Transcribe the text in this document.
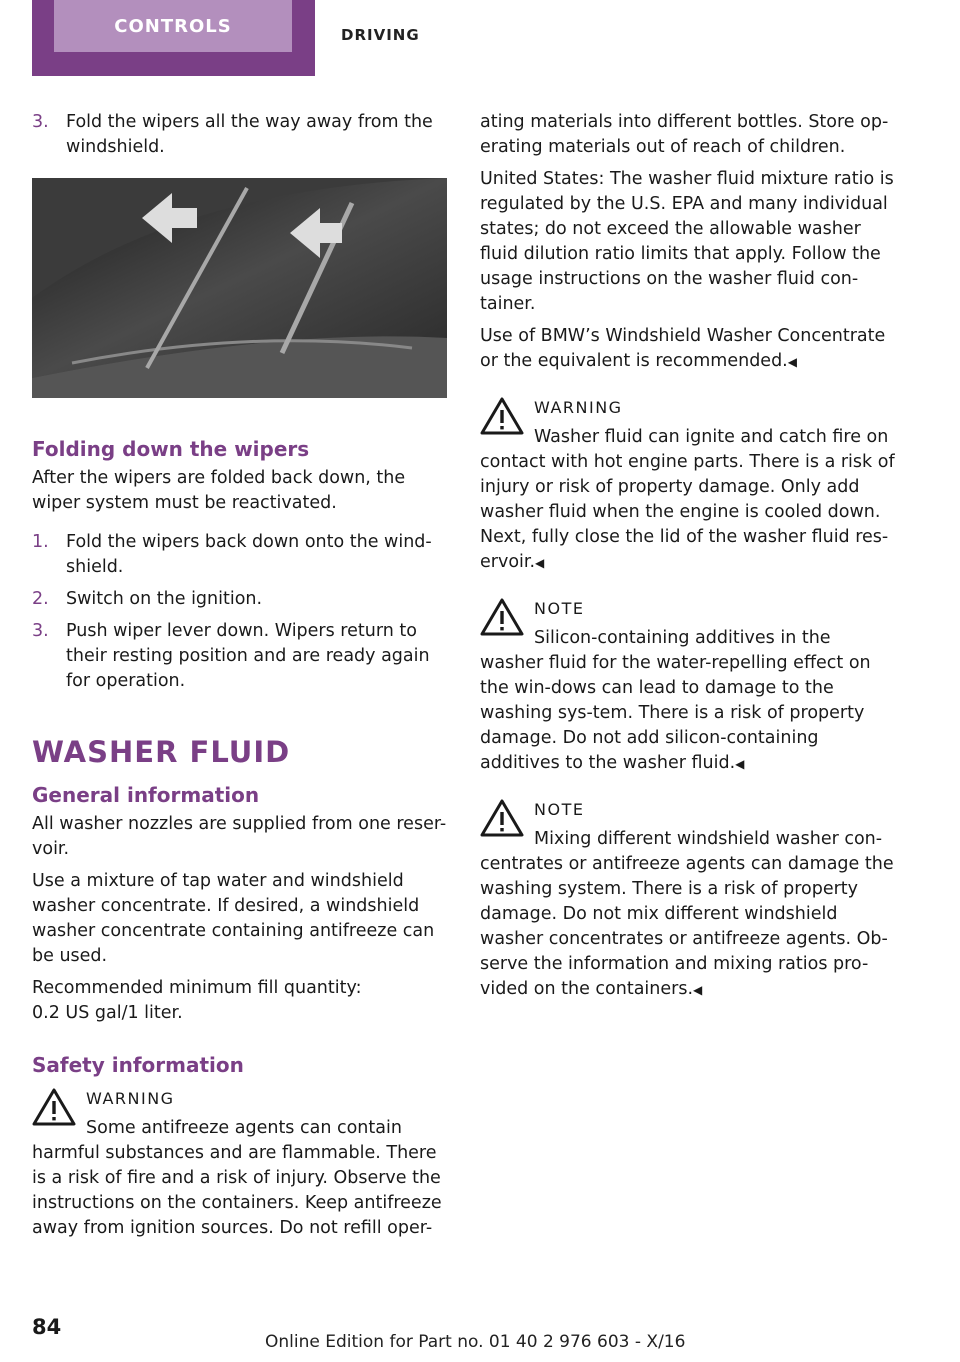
CONTROLS	DRIVING
3. Fold the wipers all the way away from the windshield.
Folding down the wipers

After the wipers are folded back down, the wiper system must be reactivated.

1. Fold the wipers back down onto the wind-shield.
2. Switch on the ignition.
3. Push wiper lever down. Wipers return to their resting position and are ready again for operation.
WASHER FLUID
General information

All washer nozzles are supplied from one reser-voir.

Use a mixture of tap water and windshield washer concentrate. If desired, a windshield washer concentrate containing antifreeze can be used.

Recommended minimum fill quantity:
0.2 US gal/1 liter.

Safety information
WARNING
Some antifreeze agents can contain harmful substances and are flammable. There is a risk of fire and a risk of injury. Observe the instructions on the containers. Keep antifreeze away from ignition sources. Do not refill oper-

ating materials into different bottles. Store op-erating materials out of reach of children.

United States: The washer fluid mixture ratio is regulated by the U.S. EPA and many individual states; do not exceed the allowable washer fluid dilution ratio limits that apply. Follow the usage instructions on the washer fluid con-tainer.

Use of BMW’s Windshield Washer Concentrate or the equivalent is recommended.◀

WARNING
Washer fluid can ignite and catch fire on contact with hot engine parts. There is a risk of injury or risk of property damage. Only add washer fluid when the engine is cooled down. Next, fully close the lid of the washer fluid res-ervoir.◀
NOTE
Silicon-containing additives in the washer fluid for the water-repelling effect on the win-dows can lead to damage to the washing sys-tem. There is a risk of property damage. Do not add silicon-containing additives to the washer fluid.◀
NOTE
Mixing different windshield washer con-centrates or antifreeze agents can damage the washing system. There is a risk of property damage. Do not mix different windshield washer concentrates or antifreeze agents. Ob-serve the information and mixing ratios pro-vided on the containers.◀
84
Online Edition for Part no. 01 40 2 976 603 - X/16
